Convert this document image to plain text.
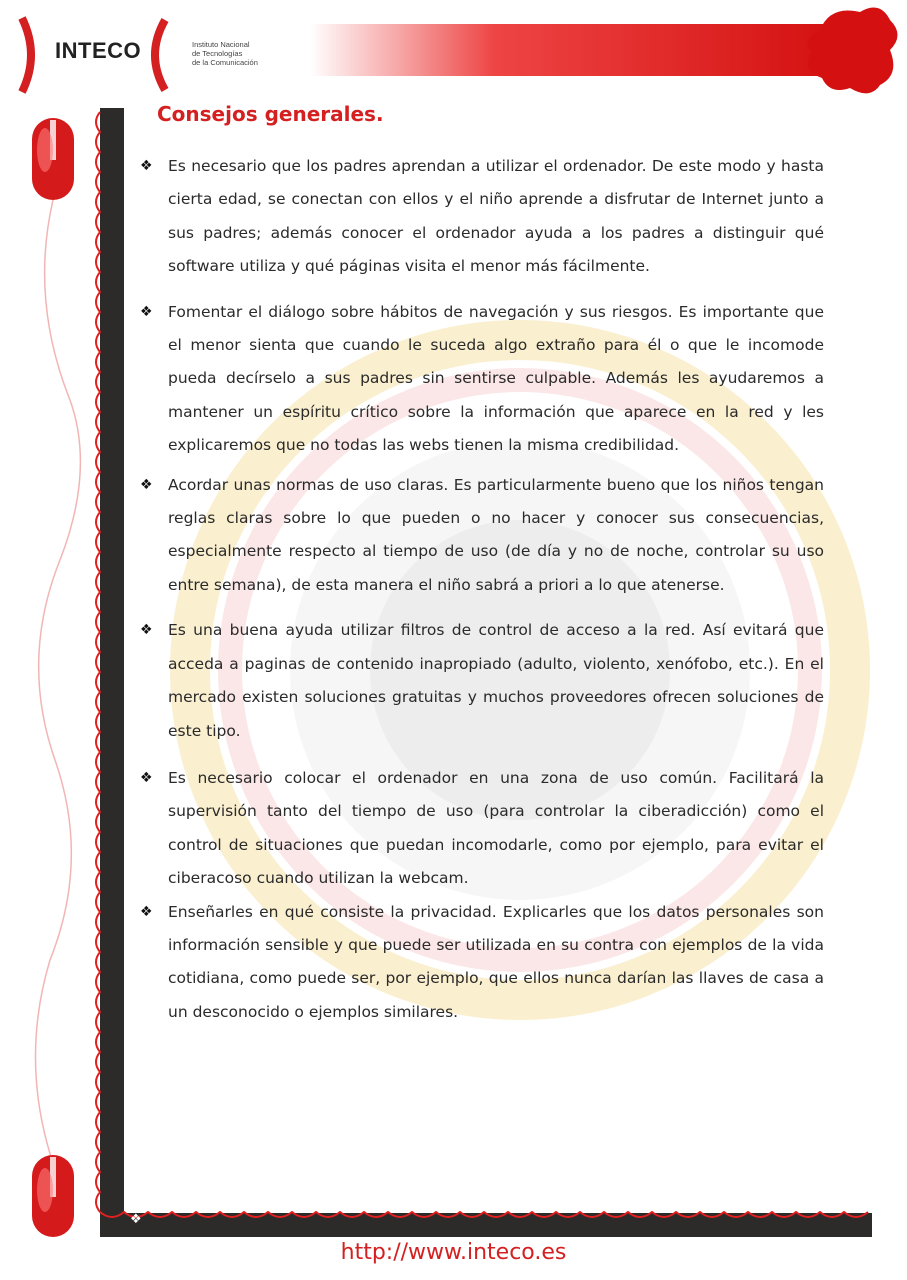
INTECO	Instituto Nacional
de Tecnologías
de la Comunicación
Consejos generales.
❖ Es necesario que los padres aprendan a utilizar el ordenador. De este modo y hasta cierta edad, se conectan con ellos y el niño aprende a disfrutar de Internet junto a sus padres; además conocer el ordenador ayuda a los padres a distinguir qué software utiliza y qué páginas visita el menor más fácilmente.
❖ Fomentar el diálogo sobre hábitos de navegación y sus riesgos. Es importante que el menor sienta que cuando le suceda algo extraño para él o que le incomode pueda decírselo a sus padres sin sentirse culpable. Además les ayudaremos a mantener un espíritu crítico sobre la información que aparece en la red y les explicaremos que no todas las webs tienen la misma credibilidad.
❖ Acordar unas normas de uso claras. Es particularmente bueno que los niños tengan reglas claras sobre lo que pueden o no hacer y conocer sus consecuencias, especialmente respecto al tiempo de uso (de día y no de noche, controlar su uso entre semana), de esta manera el niño sabrá a priori a lo que atenerse.
❖ Es una buena ayuda utilizar filtros de control de acceso a la red. Así evitará que acceda a paginas de contenido inapropiado (adulto, violento, xenófobo, etc.). En el mercado existen soluciones gratuitas y muchos proveedores ofrecen soluciones de este tipo.
❖ Es necesario colocar el ordenador en una zona de uso común. Facilitará la supervisión tanto del tiempo de uso (para controlar la ciberadicción) como el control de situaciones que puedan incomodarle, como por ejemplo, para evitar el ciberacoso cuando utilizan la webcam.
❖ Enseñarles en qué consiste la privacidad. Explicarles que los datos personales son información sensible y que puede ser utilizada en su contra con ejemplos de la vida cotidiana, como puede ser, por ejemplo, que ellos nunca darían las llaves de casa a un desconocido o ejemplos similares.
❖
http://www.inteco.es
